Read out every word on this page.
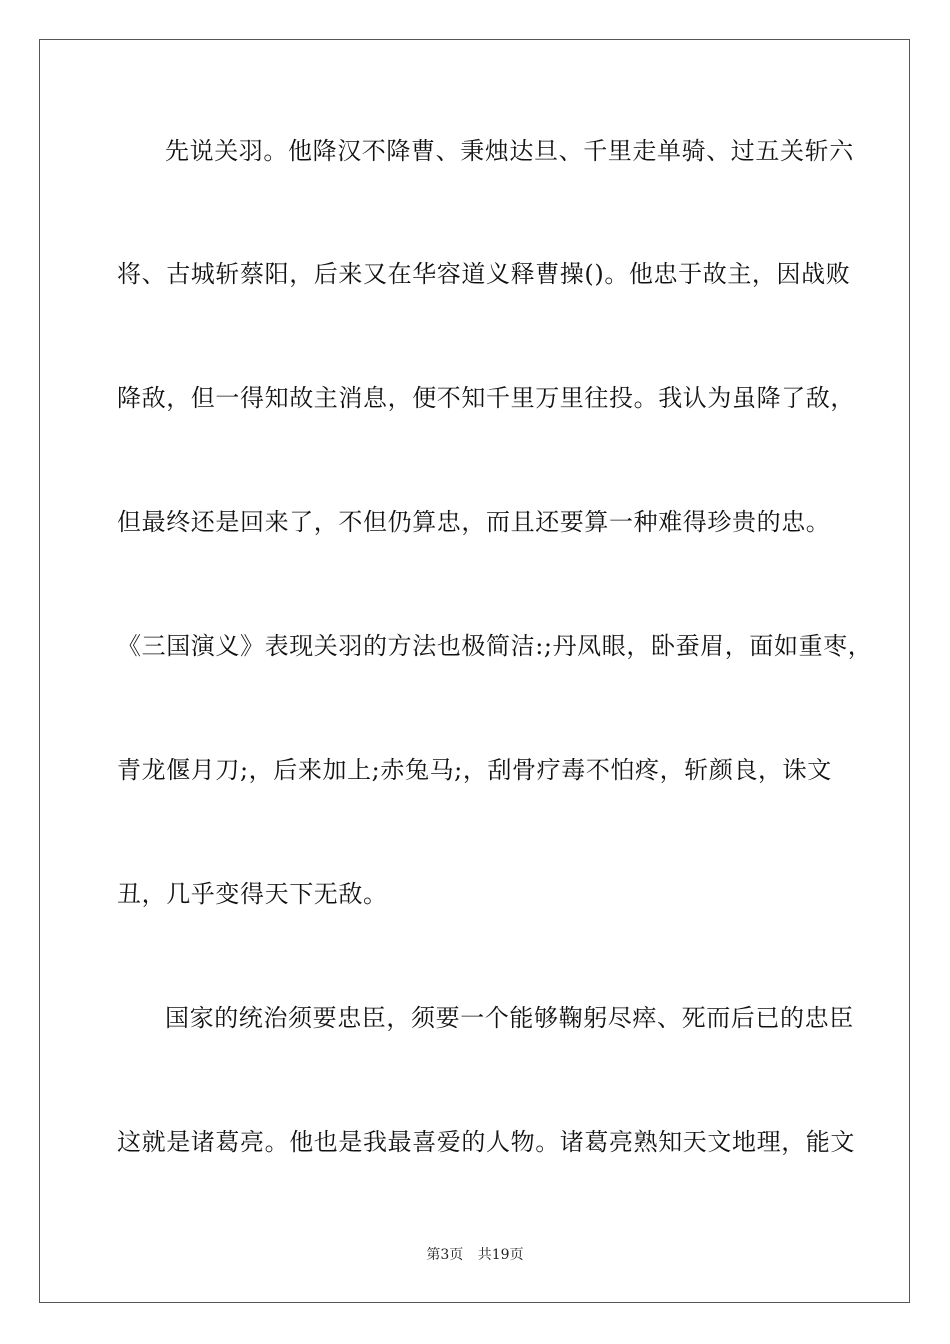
先说关羽。他降汉不降曹、秉烛达旦、千里走单骑、过五关斩六
将、古城斩蔡阳，后来又在华容道义释曹操()。他忠于故主，因战败
降敌，但一得知故主消息，便不知千里万里往投。我认为虽降了敌，
但最终还是回来了，不但仍算忠，而且还要算一种难得珍贵的忠。
《三国演义》表现关羽的方法也极简洁:;丹凤眼，卧蚕眉，面如重枣，
青龙偃月刀;，后来加上;赤兔马;，刮骨疗毒不怕疼，斩颜良，诛文
丑，几乎变得天下无敌。
国家的统治须要忠臣，须要一个能够鞠躬尽瘁、死而后已的忠臣
这就是诸葛亮。他也是我最喜爱的人物。诸葛亮熟知天文地理，能文
第3页 共19页
